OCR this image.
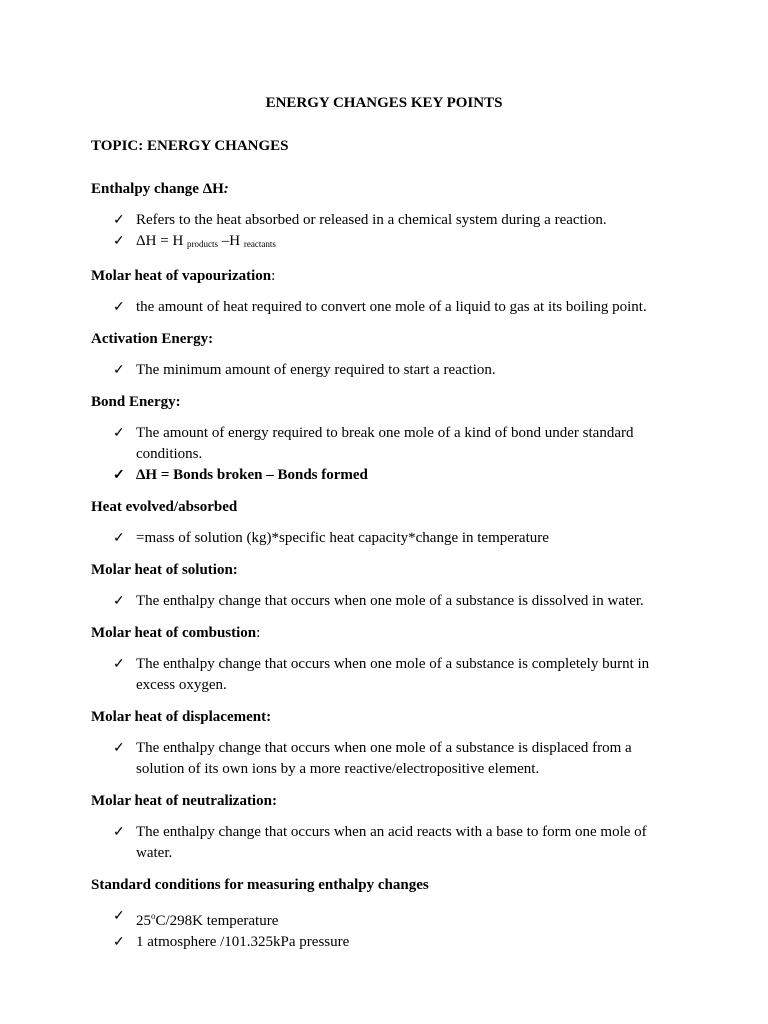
ENERGY CHANGES KEY POINTS
TOPIC: ENERGY CHANGES

Enthalpy change ΔH:

✓ Refers to the heat absorbed or released in a chemical system during a reaction.
✓ ΔH = H $_{products}$ –H $_{reactants}$

Molar heat of vapourization:

✓ the amount of heat required to convert one mole of a liquid to gas at its boiling point.

Activation Energy:

✓ The minimum amount of energy required to start a reaction.

Bond Energy:

✓ The amount of energy required to break one mole of a kind of bond under standard conditions.
✓ ΔH = Bonds broken – Bonds formed

Heat evolved/absorbed

✓ =mass of solution (kg)*specific heat capacity*change in temperature

Molar heat of solution:

✓ The enthalpy change that occurs when one mole of a substance is dissolved in water.

Molar heat of combustion:

✓ The enthalpy change that occurs when one mole of a substance is completely burnt in excess oxygen.

Molar heat of displacement:

✓ The enthalpy change that occurs when one mole of a substance is displaced from a solution of its own ions by a more reactive/electropositive element.

Molar heat of neutralization:

✓ The enthalpy change that occurs when an acid reacts with a base to form one mole of water.

Standard conditions for measuring enthalpy changes

✓ 25$^o$C/298K temperature
✓ 1 atmosphere /101.325kPa pressure
